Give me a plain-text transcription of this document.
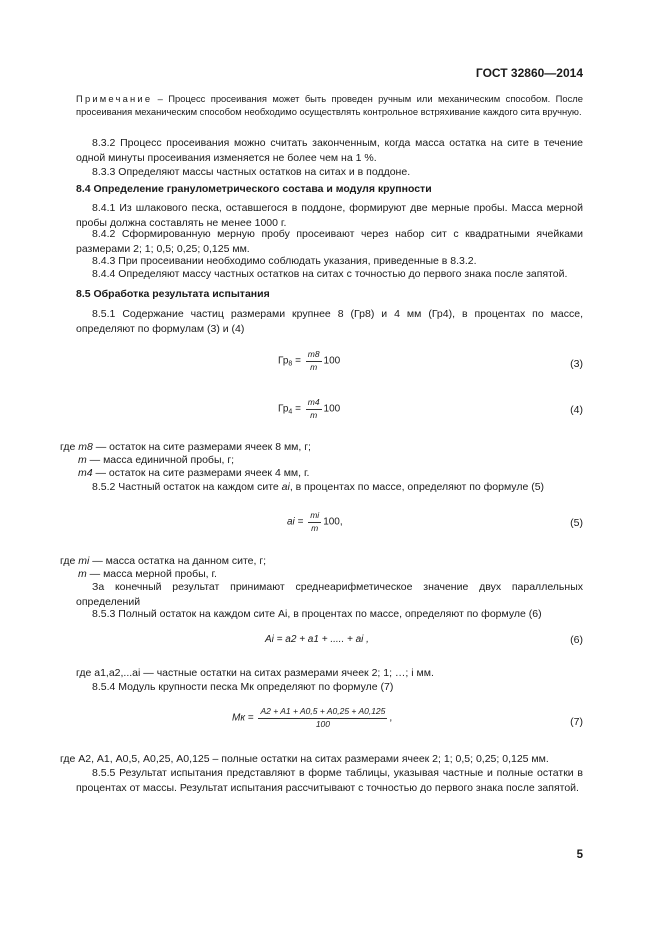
ГОСТ 32860—2014
Примечание – Процесс просеивания может быть проведен ручным или механическим способом. После просеивания механическим способом необходимо осуществлять контрольное встряхивание каждого сита вручную.
8.3.2 Процесс просеивания можно считать законченным, когда масса остатка на сите в течение одной минуты просеивания изменяется не более чем на 1 %.
8.3.3 Определяют массы частных остатков на ситах и в поддоне.
8.4 Определение гранулометрического состава и модуля крупности
8.4.1 Из шлакового песка, оставшегося в поддоне, формируют две мерные пробы. Масса мерной пробы должна составлять не менее 1000 г.
8.4.2 Сформированную мерную пробу просеивают через набор сит с квадратными ячейками размерами 2; 1; 0,5; 0,25; 0,125 мм.
8.4.3 При просеивании необходимо соблюдать указания, приведенные в 8.3.2.
8.4.4 Определяют массу частных остатков на ситах с точностью до первого знака после запятой.
8.5 Обработка результата испытания
8.5.1 Содержание частиц размерами крупнее 8 (Гр8) и 4 мм (Гр4), в процентах по массе, определяют по формулам (3) и (4)
$Гр_8 = \frac{m8}{m} 100$	(3)
$Гр_4 = \frac{m4}{m} 100$	(4)
где m8 — остаток на сите размерами ячеек 8 мм, г;
m — масса единичной пробы, г;
m4 — остаток на сите размерами ячеек 4 мм, г.
8.5.2 Частный остаток на каждом сите ai, в процентах по массе, определяют по формуле (5)
ai = $\frac{mi}{m} 100$,	(5)
где mi — масса остатка на данном сите, г;
m — масса мерной пробы, г.
За конечный результат принимают среднеарифметическое значение двух параллельных определений
8.5.3 Полный остаток на каждом сите Аi, в процентах по массе, определяют по формуле (6)
Аi = a2 + a1 + ..... + ai ,	(6)
где a1,a2,...ai — частные остатки на ситах размерами ячеек 2; 1; …; i мм.
8.5.4 Модуль крупности песка Мк определяют по формуле (7)
Mк = $\frac{A2 + A1 + A0,5 + A0,25 + A0,125}{100}$ ,	(7)
где А2, А1, А0,5, А0,25, А0,125 – полные остатки на ситах размерами ячеек 2; 1; 0,5; 0,25; 0,125 мм.
8.5.5 Результат испытания представляют в форме таблицы, указывая частные и полные остатки в процентах от массы. Результат испытания рассчитывают с точностью до первого знака после запятой.
5
